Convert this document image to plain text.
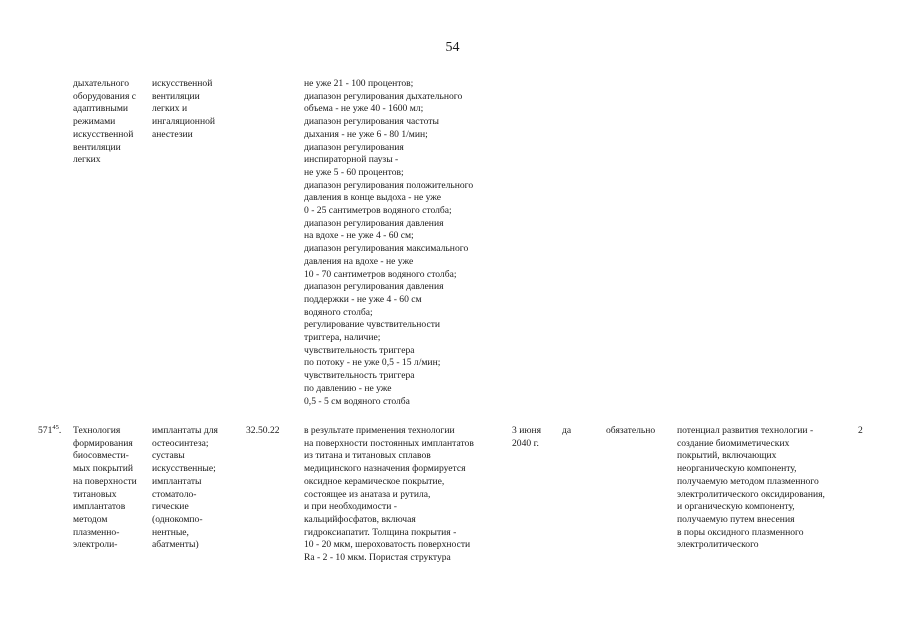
54
дыхательного
оборудования с
адаптивными
режимами
искусственной
вентиляции
легких
искусственной
вентиляции
легких и
ингаляционной
анестезии
не уже 21 - 100 процентов;
диапазон регулирования дыхательного
объема - не уже 40 - 1600 мл;
диапазон регулирования частоты
дыхания - не уже 6 - 80 1/мин;
диапазон регулирования
инспираторной паузы -
не уже 5 - 60 процентов;
диапазон регулирования положительного
давления в конце выдоха - не уже
0 - 25 сантиметров водяного столба;
диапазон регулирования давления
на вдохе - не уже 4 - 60 см;
диапазон регулирования максимального
давления на вдохе - не уже
10 - 70 сантиметров водяного столба;
диапазон регулирования давления
поддержки - не уже 4 - 60 см
водяного столба;
регулирование чувствительности
триггера, наличие;
чувствительность триггера
по потоку - не уже 0,5 - 15 л/мин;
чувствительность триггера
по давлению - не уже
0,5 - 5 см водяного столба
$571^{45}$. Технология
формирования
биосовмести-
мых покрытий
на поверхности
титановых
имплантатов
методом
плазменно-
электроли-
имплантаты для
остеосинтеза;
суставы
искусственные;
имплантаты
стоматоло-
гические
(однокомпо-
нентные,
абатменты)
32.50.22	в результате применения технологии
на поверхности постоянных имплантатов
из титана и титановых сплавов
медицинского назначения формируется
оксидное керамическое покрытие,
состоящее из анатаза и рутила,
и при необходимости -
кальцийфосфатов, включая
гидроксиапатит. Толщина покрытия -
10 - 20 мкм, шероховатость поверхности
Ra - 2 - 10 мкм. Пористая структура
3 июня
2040 г.
да	обязательно потенциал развития технологии -
создание биомиметических
покрытий, включающих
неорганическую компоненту,
получаемую методом плазменного
электролитического оксидирования,
и органическую компоненту,
получаемую путем внесения
в поры оксидного плазменного
электролитического
2
